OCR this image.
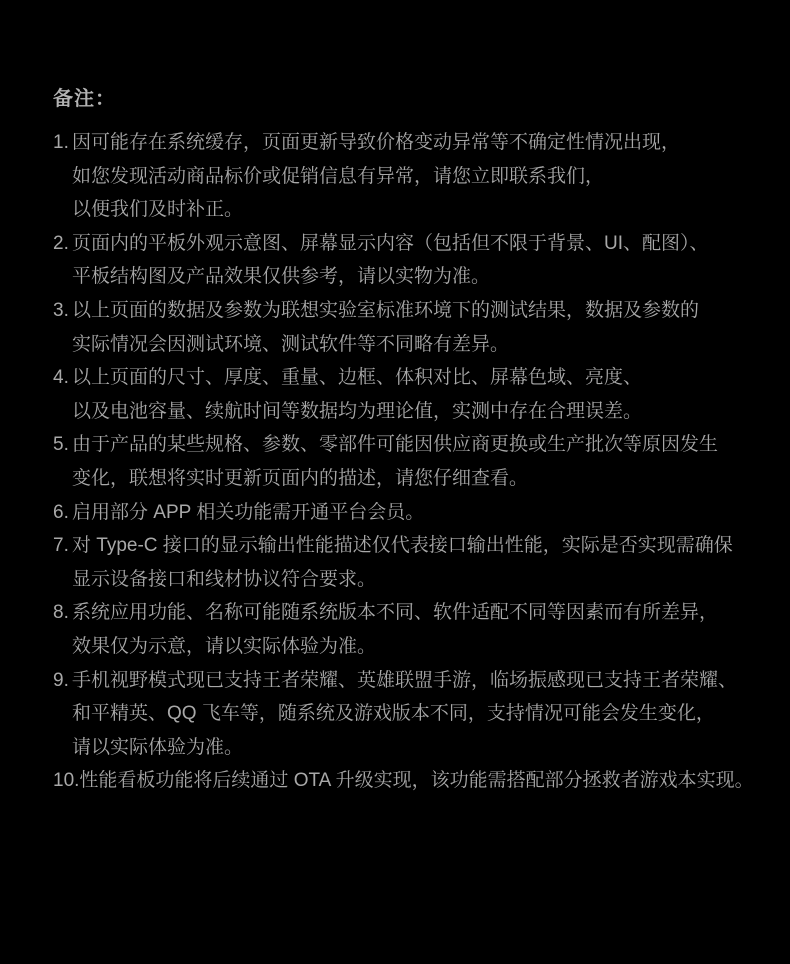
备注：
1. 因可能存在系统缓存，页面更新导致价格变动异常等不确定性情况出现，
如您发现活动商品标价或促销信息有异常，请您立即联系我们，
以便我们及时补正。
2. 页面内的平板外观示意图、屏幕显示内容（包括但不限于背景、UI、配图）、
平板结构图及产品效果仅供参考，请以实物为准。
3. 以上页面的数据及参数为联想实验室标准环境下的测试结果，数据及参数的
实际情况会因测试环境、测试软件等不同略有差异。
4. 以上页面的尺寸、厚度、重量、边框、体积对比、屏幕色域、亮度、
以及电池容量、续航时间等数据均为理论值，实测中存在合理误差。
5. 由于产品的某些规格、参数、零部件可能因供应商更换或生产批次等原因发生
变化，联想将实时更新页面内的描述，请您仔细查看。
6. 启用部分 APP 相关功能需开通平台会员。
7. 对 Type-C 接口的显示输出性能描述仅代表接口输出性能，实际是否实现需确保
显示设备接口和线材协议符合要求。
8. 系统应用功能、名称可能随系统版本不同、软件适配不同等因素而有所差异，
效果仅为示意，请以实际体验为准。
9. 手机视野模式现已支持王者荣耀、英雄联盟手游，临场振感现已支持王者荣耀、
和平精英、QQ 飞车等，随系统及游戏版本不同，支持情况可能会发生变化，
请以实际体验为准。
10. 性能看板功能将后续通过 OTA 升级实现，该功能需搭配部分拯救者游戏本实现。
